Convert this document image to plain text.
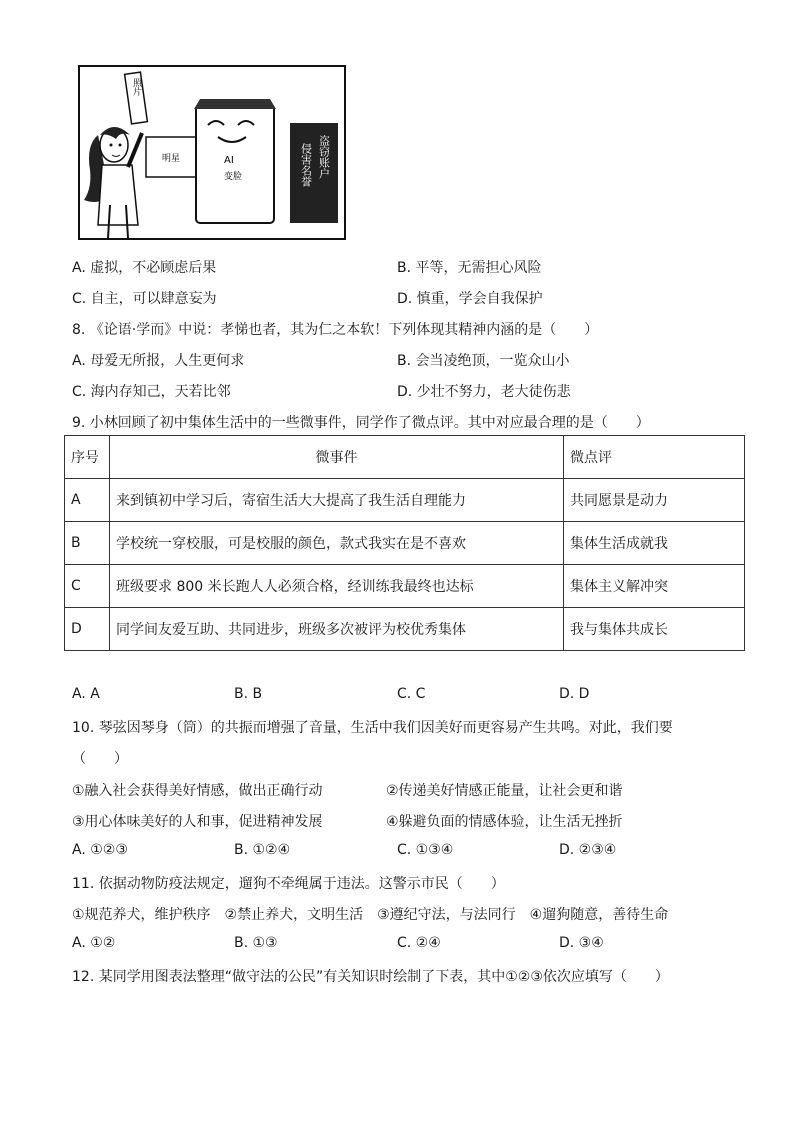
照片
明星	AI
变脸	盗窃账户
侵害名誉
A. 虚拟，不必顾虑后果	B. 平等，无需担心风险
C. 自主，可以肆意妄为	D. 慎重，学会自我保护
8. 《论语·学而》中说：孝悌也者，其为仁之本软！下列体现其精神内涵的是（　　）
A. 母爱无所报，人生更何求	B. 会当凌绝顶，一览众山小
C. 海内存知己，天若比邻	D. 少壮不努力，老大徒伤悲
9. 小林回顾了初中集体生活中的一些微事件，同学作了微点评。其中对应最合理的是（　　）
序号	微事件	微点评
A	来到镇初中学习后，寄宿生活大大提高了我生活自理能力	共同愿景是动力
B	学校统一穿校服，可是校服的颜色，款式我实在是不喜欢	集体生活成就我
C	班级要求 800 米长跑人人必须合格，经训练我最终也达标	集体主义解冲突
D	同学间友爱互助、共同进步，班级多次被评为校优秀集体	我与集体共成长
A. A	B. B	C. C	D. D
10. 琴弦因琴身（筒）的共振而增强了音量，生活中我们因美好而更容易产生共鸣。对此，我们要
（　　）
①融入社会获得美好情感，做出正确行动	②传递美好情感正能量，让社会更和谐
③用心体味美好的人和事，促进精神发展	④躲避负面的情感体验，让生活无挫折
A. ①②③	B. ①②④	C. ①③④	D. ②③④
11. 依据动物防疫法规定，遛狗不牵绳属于违法。这警示市民（　　）
①规范养犬，维护秩序　②禁止养犬，文明生活　③遵纪守法，与法同行　④遛狗随意，善待生命
A. ①②	B. ①③	C. ②④	D. ③④
12. 某同学用图表法整理“做守法的公民”有关知识时绘制了下表，其中①②③依次应填写（　　）
